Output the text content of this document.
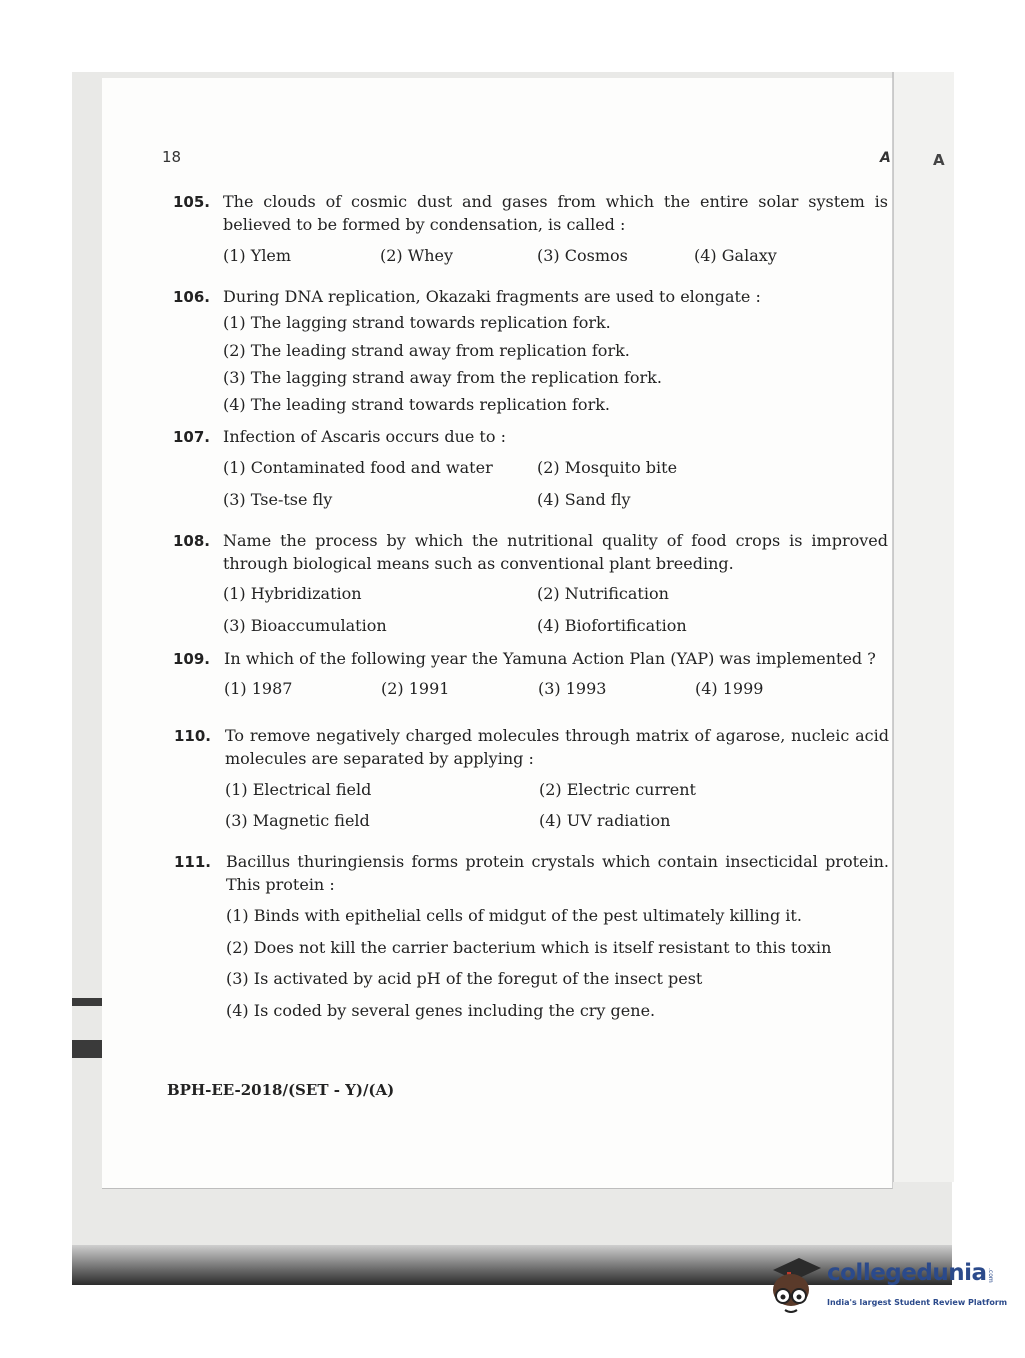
18	A	A
105. The clouds of cosmic dust and gases from which the entire solar system is believed to be formed by condensation, is called :
(1) Ylem	(2) Whey	(3) Cosmos	(4) Galaxy
106. During DNA replication, Okazaki fragments are used to elongate :
(1) The lagging strand towards replication fork.
(2) The leading strand away from replication fork.
(3) The lagging strand away from the replication fork.
(4) The leading strand towards replication fork.
107. Infection of Ascaris occurs due to :
(1) Contaminated food and water	(2) Mosquito bite
(3) Tse-tse fly	(4) Sand fly
108. Name the process by which the nutritional quality of food crops is improved through biological means such as conventional plant breeding.
(1) Hybridization	(2) Nutrification
(3) Bioaccumulation	(4) Biofortification
109. In which of the following year the Yamuna Action Plan (YAP) was implemented ?
(1) 1987	(2) 1991	(3) 1993	(4) 1999
110. To remove negatively charged molecules through matrix of agarose, nucleic acid molecules are separated by applying :
(1) Electrical field	(2) Electric current
(3) Magnetic field	(4) UV radiation
111. Bacillus thuringiensis forms protein crystals which contain insecticidal protein. This protein :
(1) Binds with epithelial cells of midgut of the pest ultimately killing it.
(2) Does not kill the carrier bacterium which is itself resistant to this toxin
(3) Is activated by acid pH of the foregut of the insect pest
(4) Is coded by several genes including the cry gene.
BPH-EE-2018/(SET - Y)/(A)
collegedunia .com
India's largest Student Review Platform
